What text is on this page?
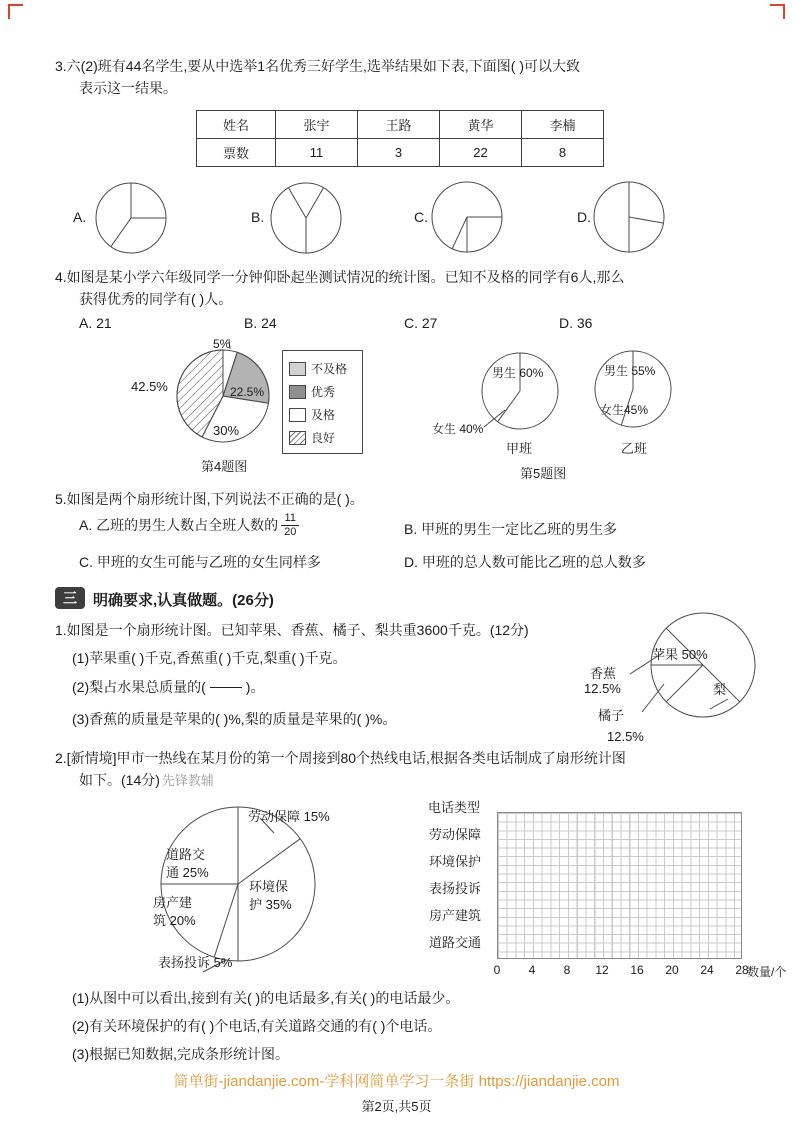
3.六(2)班有44名学生,要从中选举1名优秀三好学生,选举结果如下表,下面图( )可以大致
表示这一结果。
姓名	张宇	王路	黄华	李楠
票数	11	3	22	8
A.	B.	C.	D.
4.如图是某小学六年级同学一分钟仰卧起坐测试情况的统计图。已知不及格的同学有6人,那么
获得优秀的同学有( )人。
A. 21	B. 24	C. 27	D. 36
5%
42.5%	22.5%
30%
第4题图
不及格
优秀
及格
良好
男生 60%
女生 40%
甲班
男生 55%
女生45%
乙班
第5题图
5.如图是两个扇形统计图,下列说法不正确的是( )。
A. 乙班的男生人数占全班人数的 $\frac{11}{20}$	B. 甲班的男生一定比乙班的男生多
C. 甲班的女生可能与乙班的女生同样多	D. 甲班的总人数可能比乙班的总人数多
三	明确要求,认真做题。(26分)
1.如图是一个扇形统计图。已知苹果、香蕉、橘子、梨共重3600千克。(12分)
(1)苹果重( )千克,香蕉重( )千克,梨重( )千克。
(2)梨占水果总质量的(	)。
(3)香蕉的质量是苹果的( )%,梨的质量是苹果的( )%。
苹果 50%
香蕉
12.5%
橘子
12.5%
梨
2.[新情境]甲市一热线在某月份的第一个周接到80个热线电话,根据各类电话制成了扇形统计图
如下。(14分) 先锋教辅
劳动保障 15%
道路交
通 25%
环境保
护 35%
房产建
筑 20%
表扬投诉 5%
电话类型
劳动保障
环境保护
表扬投诉
房产建筑
道路交通
0	4	8	12 16 20 24 28
数量/个
(1)从图中可以看出,接到有关( )的电话最多,有关( )的电话最少。
(2)有关环境保护的有( )个电话,有关道路交通的有( )个电话。
(3)根据已知数据,完成条形统计图。
简单街-jiandanjie.com-学科网简单学习一条街 https://jiandanjie.com
第2页,共5页
